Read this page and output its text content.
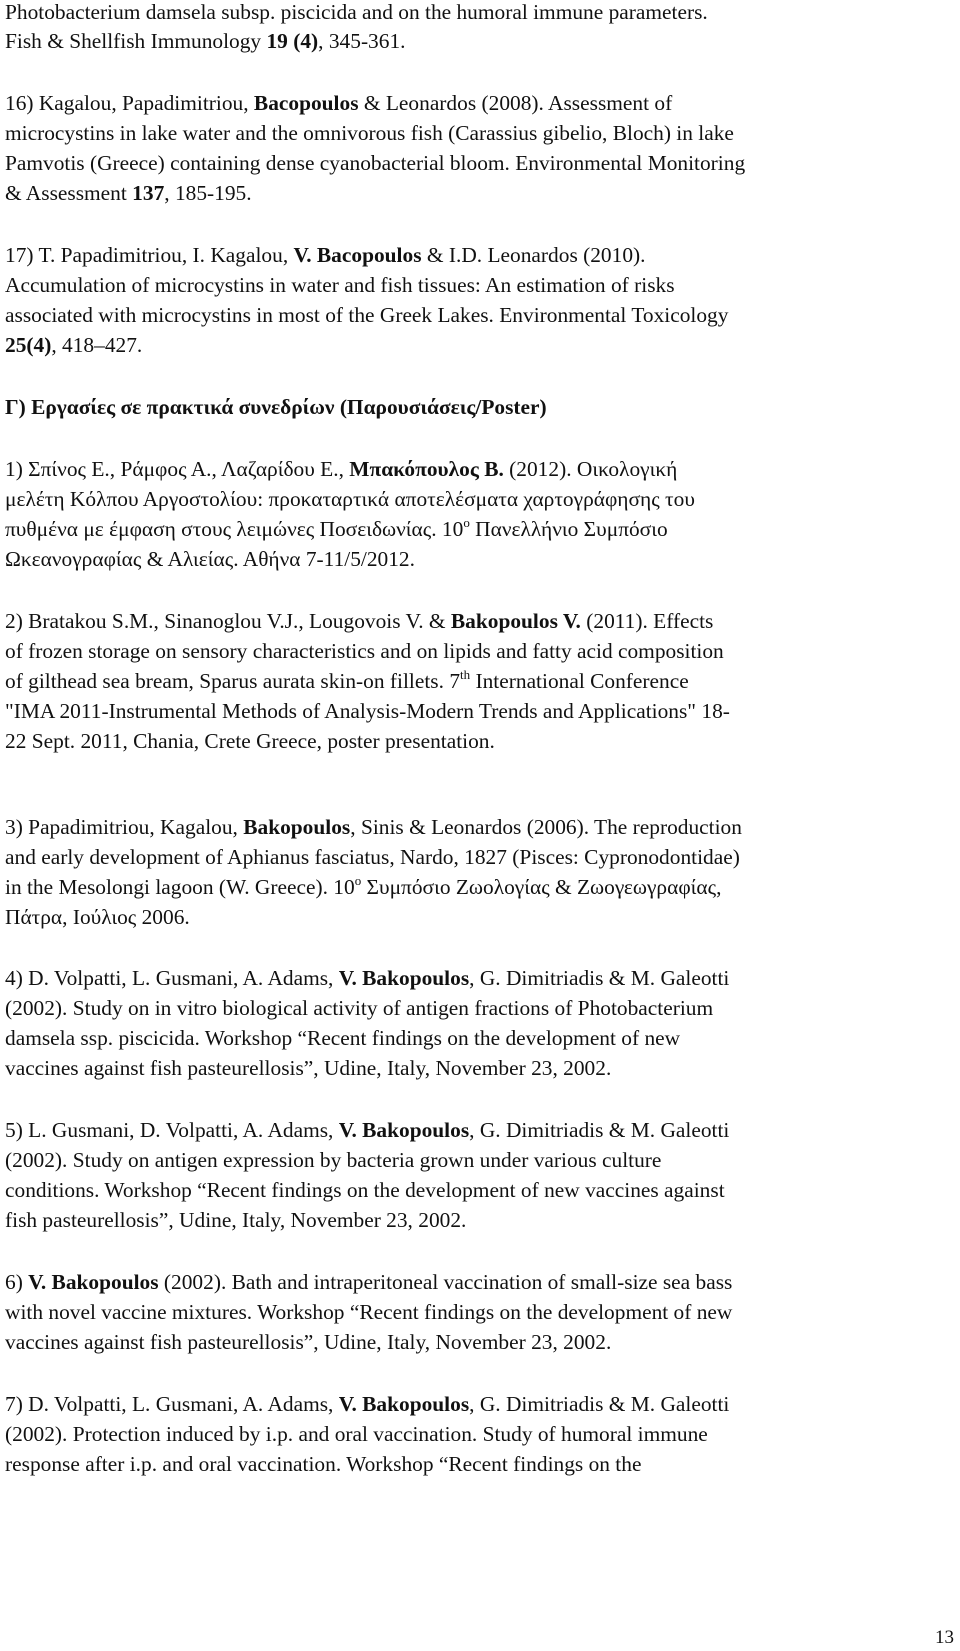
Photobacterium damsela subsp. piscicida and on the humoral immune parameters.
Fish & Shellfish Immunology 19 (4), 345-361.
16) Kagalou, Papadimitriou, Bacopoulos & Leonardos (2008). Assessment of
microcystins in lake water and the omnivorous fish (Carassius gibelio, Bloch) in lake
Pamvotis (Greece) containing dense cyanobacterial bloom. Environmental Monitoring
& Assessment 137, 185-195.
17) T. Papadimitriou, I. Kagalou, V. Bacopoulos & I.D. Leonardos (2010).
Accumulation of microcystins in water and fish tissues: An estimation of risks
associated with microcystins in most of the Greek Lakes. Environmental Toxicology
25(4), 418–427.
Γ) Εργασίες σε πρακτικά συνεδρίων (Παρουσιάσεις/Poster)
1) Σπίνος Ε., Ράμφος Α., Λαζαρίδου Ε., Μπακόπουλος Β. (2012). Οικολογική
μελέτη Κόλπου Αργοστολίου: προκαταρτικά αποτελέσματα χαρτογράφησης του
πυθμένα με έμφαση στους λειμώνες Ποσειδωνίας. $10^o$ Πανελλήνιο Συμπόσιο
Ωκεανογραφίας & Αλιείας. Αθήνα 7-11/5/2012.
2) Bratakou S.M., Sinanoglou V.J., Lougovois V. & Bakopoulos V. (2011). Effects
of frozen storage on sensory characteristics and on lipids and fatty acid composition
of gilthead sea bream, Sparus aurata skin-on fillets. 7th International Conference
"IMA 2011-Instrumental Methods of Analysis-Modern Trends and Applications" 18-
22 Sept. 2011, Chania, Crete Greece, poster presentation.
3) Papadimitriou, Kagalou, Bakopoulos, Sinis & Leonardos (2006). The reproduction
and early development of Aphianus fasciatus, Nardo, 1827 (Pisces: Cypronodontidae)
in the Mesolongi lagoon (W. Greece). $10^o$ Συμπόσιο Ζωολογίας & Ζωογεωγραφίας,
Πάτρα, Ιούλιος 2006.
4) D. Volpatti, L. Gusmani, A. Adams, V. Bakopoulos, G. Dimitriadis & M. Galeotti
(2002). Study on in vitro biological activity of antigen fractions of Photobacterium
damsela ssp. piscicida. Workshop “Recent findings on the development of new
vaccines against fish pasteurellosis”, Udine, Italy, November 23, 2002.
5) L. Gusmani, D. Volpatti, A. Adams, V. Bakopoulos, G. Dimitriadis & M. Galeotti
(2002). Study on antigen expression by bacteria grown under various culture
conditions. Workshop “Recent findings on the development of new vaccines against
fish pasteurellosis”, Udine, Italy, November 23, 2002.
6) V. Bakopoulos (2002). Bath and intraperitoneal vaccination of small-size sea bass
with novel vaccine mixtures. Workshop “Recent findings on the development of new
vaccines against fish pasteurellosis”, Udine, Italy, November 23, 2002.
7) D. Volpatti, L. Gusmani, A. Adams, V. Bakopoulos, G. Dimitriadis & M. Galeotti
(2002). Protection induced by i.p. and oral vaccination. Study of humoral immune
response after i.p. and oral vaccination. Workshop “Recent findings on the
13
